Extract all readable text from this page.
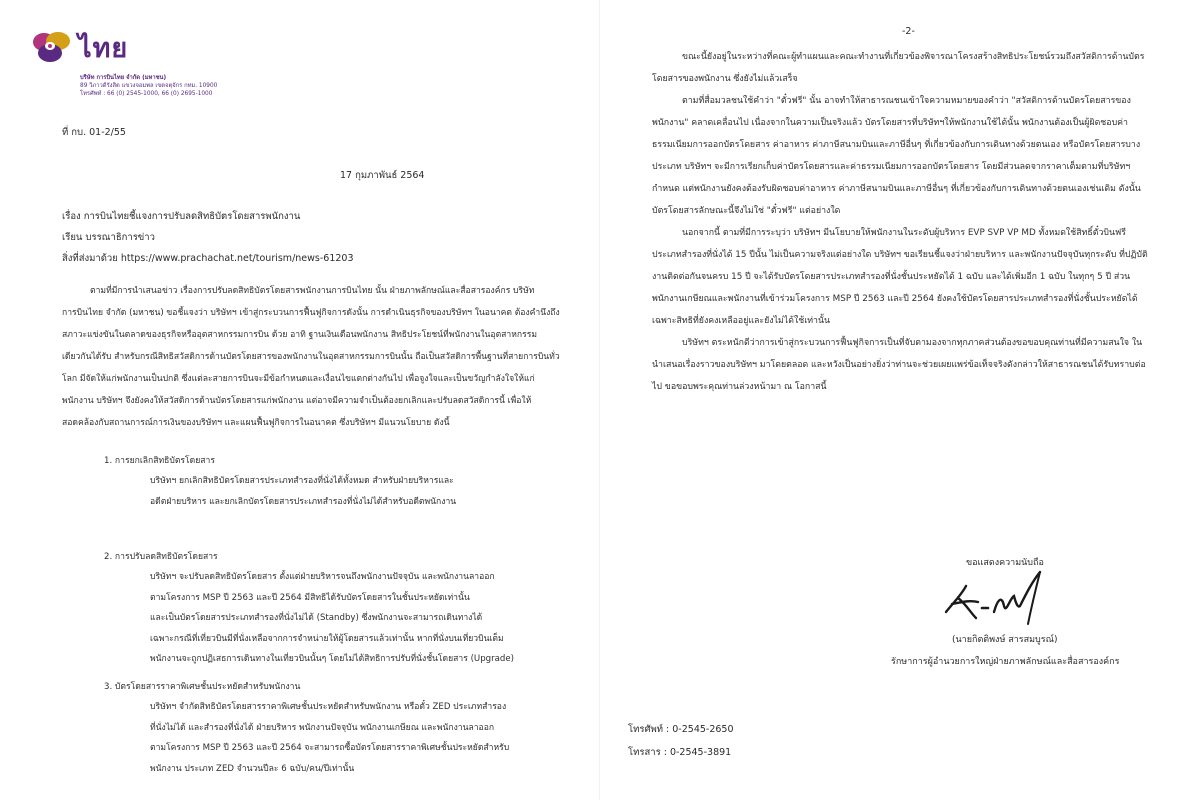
ไทย
บริษัท การบินไทย จำกัด (มหาชน)
89 วิภาวดีรังสิต แขวงจอมพล เขตจตุจักร กทม. 10900
โทรศัพท์ : 66 (0) 2545-1000, 66 (0) 2695-1000
ที่ กบ. 01-2/55
17 กุมภาพันธ์ 2564
เรื่อง การบินไทยชี้แจงการปรับลดสิทธิบัตรโดยสารพนักงาน
เรียน บรรณาธิการข่าว
สิ่งที่ส่งมาด้วย https://www.prachachat.net/tourism/news-61203

ตามที่มีการนำเสนอข่าว เรื่องการปรับลดสิทธิบัตรโดยสารพนักงานการบินไทย นั้น ฝ่ายภาพลักษณ์และสื่อสารองค์กร บริษัท การบินไทย จำกัด (มหาชน) ขอชี้แจงว่า บริษัทฯ เข้าสู่กระบวนการฟื้นฟูกิจการดังนั้น การดำเนินธุรกิจของบริษัทฯ ในอนาคต ต้องคำนึงถึงสภาวะแข่งขันในตลาดของธุรกิจหรืออุตสาหกรรมการบิน ด้วย อาทิ ฐานเงินเดือนพนักงาน สิทธิประโยชน์ที่พนักงานในอุตสาหกรรมเดียวกันได้รับ สำหรับกรณีสิทธิสวัสดิการด้านบัตรโดยสารของพนักงานในอุตสาหกรรมการบินนั้น ถือเป็นสวัสดิการพื้นฐานที่สายการบินทั่วโลก มีจัดให้แก่พนักงานเป็นปกติ ซึ่งแต่ละสายการบินจะมีข้อกำหนดและเงื่อนไขแตกต่างกันไป เพื่อจูงใจและเป็นขวัญกำลังใจให้แก่พนักงาน บริษัทฯ จึงยังคงให้สวัสดิการด้านบัตรโดยสารแก่พนักงาน แต่อาจมีความจำเป็นต้องยกเลิกและปรับลดสวัสดิการนี้ เพื่อให้สอดคล้องกับสถานการณ์การเงินของบริษัทฯ และแผนฟื้นฟูกิจการในอนาคต ซึ่งบริษัทฯ มีแนวนโยบาย ดังนี้

1. การยกเลิกสิทธิบัตรโดยสาร
บริษัทฯ ยกเลิกสิทธิบัตรโดยสารประเภทสำรองที่นั่งได้ทั้งหมด สำหรับฝ่ายบริหารและ
อดีตฝ่ายบริหาร และยกเลิกบัตรโดยสารประเภทสำรองที่นั่งไม่ได้สำหรับอดีตพนักงาน
2. การปรับลดสิทธิบัตรโดยสาร
บริษัทฯ จะปรับลดสิทธิบัตรโดยสาร ตั้งแต่ฝ่ายบริหารจนถึงพนักงานปัจจุบัน และพนักงานลาออก
ตามโครงการ MSP ปี 2563 และปี 2564 มีสิทธิได้รับบัตรโดยสารในชั้นประหยัดเท่านั้น
และเป็นบัตรโดยสารประเภทสำรองที่นั่งไม่ได้ (Standby) ซึ่งพนักงานจะสามารถเดินทางได้
เฉพาะกรณีที่เที่ยวบินมีที่นั่งเหลือจากการจำหน่ายให้ผู้โดยสารแล้วเท่านั้น หากที่นั่งบนเที่ยวบินเต็ม
พนักงานจะถูกปฏิเสธการเดินทางในเที่ยวบินนั้นๆ โดยไม่ได้สิทธิการปรับที่นั่งชั้นโดยสาร (Upgrade)
3. บัตรโดยสารราคาพิเศษชั้นประหยัดสำหรับพนักงาน
บริษัทฯ จำกัดสิทธิบัตรโดยสารราคาพิเศษชั้นประหยัดสำหรับพนักงาน หรือตั๋ว ZED ประเภทสำรอง
ที่นั่งไม่ได้ และสำรองที่นั่งได้ ฝ่ายบริหาร พนักงานปัจจุบัน พนักงานเกษียณ และพนักงานลาออก
ตามโครงการ MSP ปี 2563 และปี 2564 จะสามารถซื้อบัตรโดยสารราคาพิเศษชั้นประหยัดสำหรับ
พนักงาน ประเภท ZED จำนวนปีละ 6 ฉบับ/คน/ปีเท่านั้น
-2-

ขณะนี้ยังอยู่ในระหว่างที่คณะผู้ทำแผนและคณะทำงานที่เกี่ยวข้องพิจารณาโครงสร้างสิทธิประโยชน์รวมถึงสวัสดิการด้านบัตรโดยสารของพนักงาน ซึ่งยังไม่แล้วเสร็จ

ตามที่สื่อมวลชนใช้คำว่า "ตั๋วฟรี" นั้น อาจทำให้สาธารณชนเข้าใจความหมายของคำว่า "สวัสดิการด้านบัตรโดยสารของพนักงาน" คลาดเคลื่อนไป เนื่องจากในความเป็นจริงแล้ว บัตรโดยสารที่บริษัทฯให้พนักงานใช้ได้นั้น พนักงานต้องเป็นผู้ผิดชอบค่าธรรมเนียมการออกบัตรโดยสาร ค่าอาหาร ค่าภาษีสนามบินและภาษีอื่นๆ ที่เกี่ยวข้องกับการเดินทางด้วยตนเอง หรือบัตรโดยสารบางประเภท บริษัทฯ จะมีการเรียกเก็บค่าบัตรโดยสารและค่าธรรมเนียมการออกบัตรโดยสาร โดยมีส่วนลดจากราคาเต็มตามที่บริษัทฯ กำหนด แต่พนักงานยังคงต้องรับผิดชอบค่าอาหาร ค่าภาษีสนามบินและภาษีอื่นๆ ที่เกี่ยวข้องกับการเดินทางด้วยตนเองเช่นเดิม ดังนั้นบัตรโดยสารลักษณะนี้จึงไม่ใช่ "ตั๋วฟรี" แต่อย่างใด

นอกจากนี้ ตามที่มีการระบุว่า บริษัทฯ มีนโยบายให้พนักงานในระดับผู้บริหาร EVP SVP VP MD ทั้งหมดใช้สิทธิ์ตั๋วบินฟรีประเภทสำรองที่นั่งได้ 15 ปีนั้น ไม่เป็นความจริงแต่อย่างใด บริษัทฯ ขอเรียนชี้แจงว่าฝ่ายบริหาร และพนักงานปัจจุบันทุกระดับ ที่ปฏิบัติงานติดต่อกันจนครบ 15 ปี จะได้รับบัตรโดยสารประเภทสำรองที่นั่งชั้นประหยัดได้ 1 ฉบับ และได้เพิ่มอีก 1 ฉบับ ในทุกๆ 5 ปี ส่วนพนักงานเกษียณและพนักงานที่เข้าร่วมโครงการ MSP ปี 2563 และปี 2564 ยังคงใช้บัตรโดยสารประเภทสำรองที่นั่งชั้นประหยัดได้เฉพาะสิทธิที่ยังคงเหลืออยู่และยังไม่ได้ใช้เท่านั้น

บริษัทฯ ตระหนักดีว่าการเข้าสู่กระบวนการฟื้นฟูกิจการเป็นที่จับตามองจากทุกภาคส่วนต้องขอขอบคุณท่านที่มีความสนใจ ในนำเสนอเรื่องราวของบริษัทฯ มาโดยตลอด และหวังเป็นอย่างยิ่งว่าท่านจะช่วยเผยแพร่ข้อเท็จจริงดังกล่าวให้สาธารณชนได้รับทราบต่อไป ขอขอบพระคุณท่านล่วงหน้ามา ณ โอกาสนี้

ขอแสดงความนับถือ
(นายกิตติพงษ์ สารสมบูรณ์)
รักษาการผู้อำนวยการใหญ่ฝ่ายภาพลักษณ์และสื่อสารองค์กร
โทรศัพท์ : 0-2545-2650
โทรสาร : 0-2545-3891
